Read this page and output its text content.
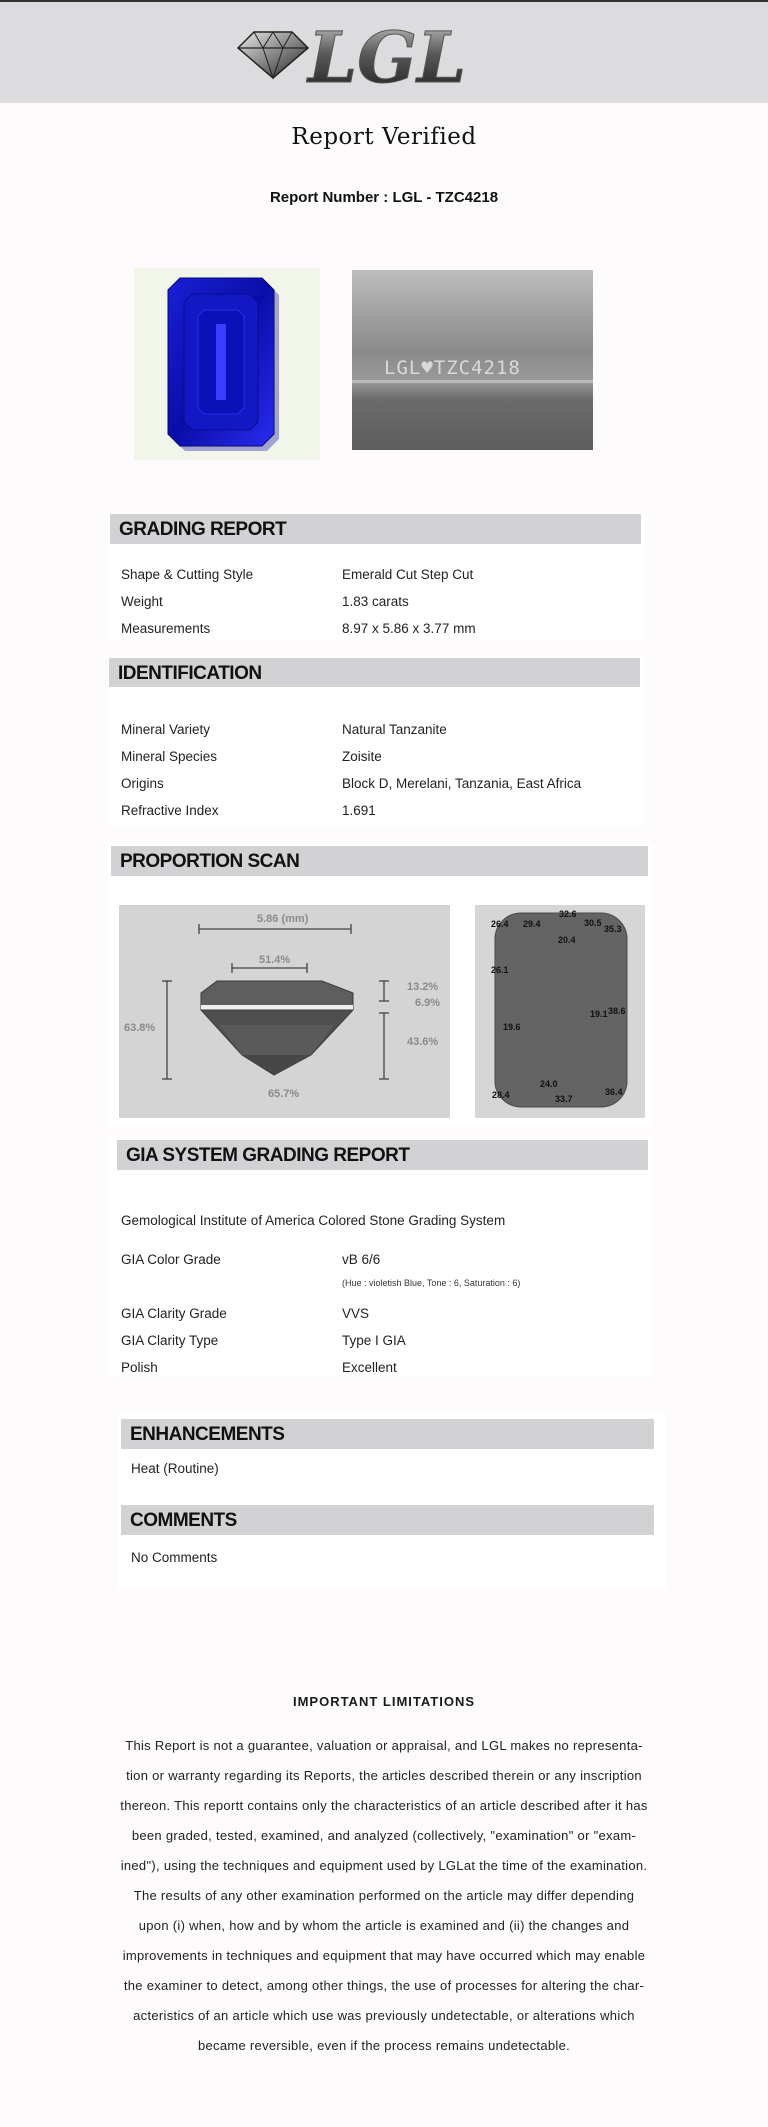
LGL
Report Verified
Report Number : LGL - TZC4218
LGL♥TZC4218
GRADING REPORT
Shape & Cutting Style	Emerald Cut Step Cut
Weight	1.83 carats
Measurements	8.97 x 5.86 x 3.77 mm
IDENTIFICATION
Mineral Variety	Natural Tanzanite
Mineral Species	Zoisite
Origins	Block D, Merelani, Tanzania, East Africa
Refractive Index	1.691
PROPORTION SCAN
5.86 (mm)
51.4%
63.8%
13.2%
6.9%
43.6%
65.7%
32.6
26.4 29.4	30.5
35.3
20.4
26.1
19.6
19.1 38.6
24.0
28.4	33.7
36.4
GIA SYSTEM GRADING REPORT
Gemological Institute of America Colored Stone Grading System
GIA Color Grade	vB 6/6
(Hue : violetish Blue, Tone : 6, Saturation : 6)
GIA Clarity Grade	VVS
GIA Clarity Type	Type I GIA
Polish	Excellent
ENHANCEMENTS
Heat (Routine)
COMMENTS
No Comments
IMPORTANT LIMITATIONS
This Report is not a guarantee, valuation or appraisal, and LGL makes no representa-
tion or warranty regarding its Reports, the articles described therein or any inscription
thereon. This reportt contains only the characteristics of an article described after it has
been graded, tested, examined, and analyzed (collectively, "examination" or "exam-
ined"), using the techniques and equipment used by LGLat the time of the examination.
The results of any other examination performed on the article may differ depending
upon (i) when, how and by whom the article is examined and (ii) the changes and
improvements in techniques and equipment that may have occurred which may enable
the examiner to detect, among other things, the use of processes for altering the char-
acteristics of an article which use was previously undetectable, or alterations which
became reversible, even if the process remains undetectable.
